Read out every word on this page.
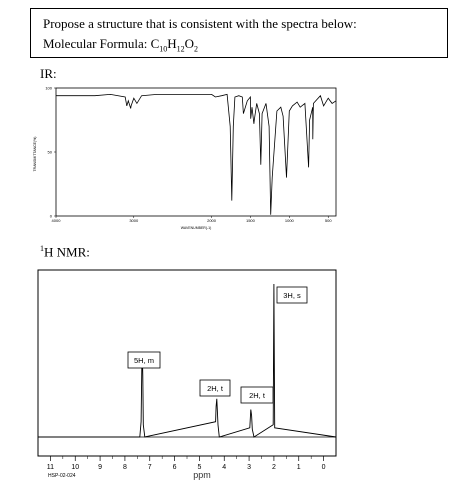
Propose a structure that is consistent with the spectra below:
Molecular Formula: $C_{10}H_{12}O_2$
IR:
TRANSMITTANCE(%)
WAVENUMBER(-1)
100
50
0
4000	3000	2000	1500	1000	500
$^1$H NMR:
ppm
HSP-02-024
11 10	9	8	7	6	5	4	3	2	1	0
5H, m
2H, t
2H, t
3H, s
